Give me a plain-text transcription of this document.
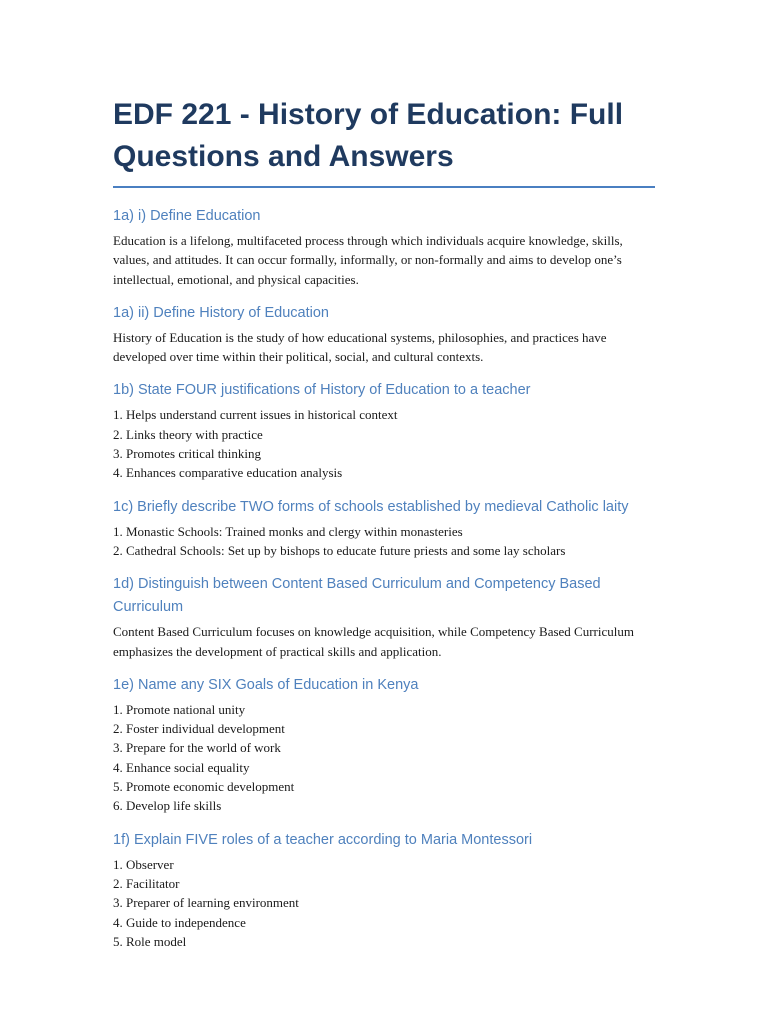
EDF 221 - History of Education: Full Questions and Answers
1a) i) Define Education

Education is a lifelong, multifaceted process through which individuals acquire knowledge, skills, values, and attitudes. It can occur formally, informally, or non-formally and aims to develop one’s intellectual, emotional, and physical capacities.

1a) ii) Define History of Education

History of Education is the study of how educational systems, philosophies, and practices have developed over time within their political, social, and cultural contexts.

1b) State FOUR justifications of History of Education to a teacher
1. Helps understand current issues in historical context
2. Links theory with practice
3. Promotes critical thinking
4. Enhances comparative education analysis
1c) Briefly describe TWO forms of schools established by medieval Catholic laity
1. Monastic Schools: Trained monks and clergy within monasteries
2. Cathedral Schools: Set up by bishops to educate future priests and some lay scholars
1d) Distinguish between Content Based Curriculum and Competency Based Curriculum

Content Based Curriculum focuses on knowledge acquisition, while Competency Based Curriculum emphasizes the development of practical skills and application.

1e) Name any SIX Goals of Education in Kenya
1. Promote national unity
2. Foster individual development
3. Prepare for the world of work
4. Enhance social equality
5. Promote economic development
6. Develop life skills
1f) Explain FIVE roles of a teacher according to Maria Montessori
1. Observer
2. Facilitator
3. Preparer of learning environment
4. Guide to independence
5. Role model
